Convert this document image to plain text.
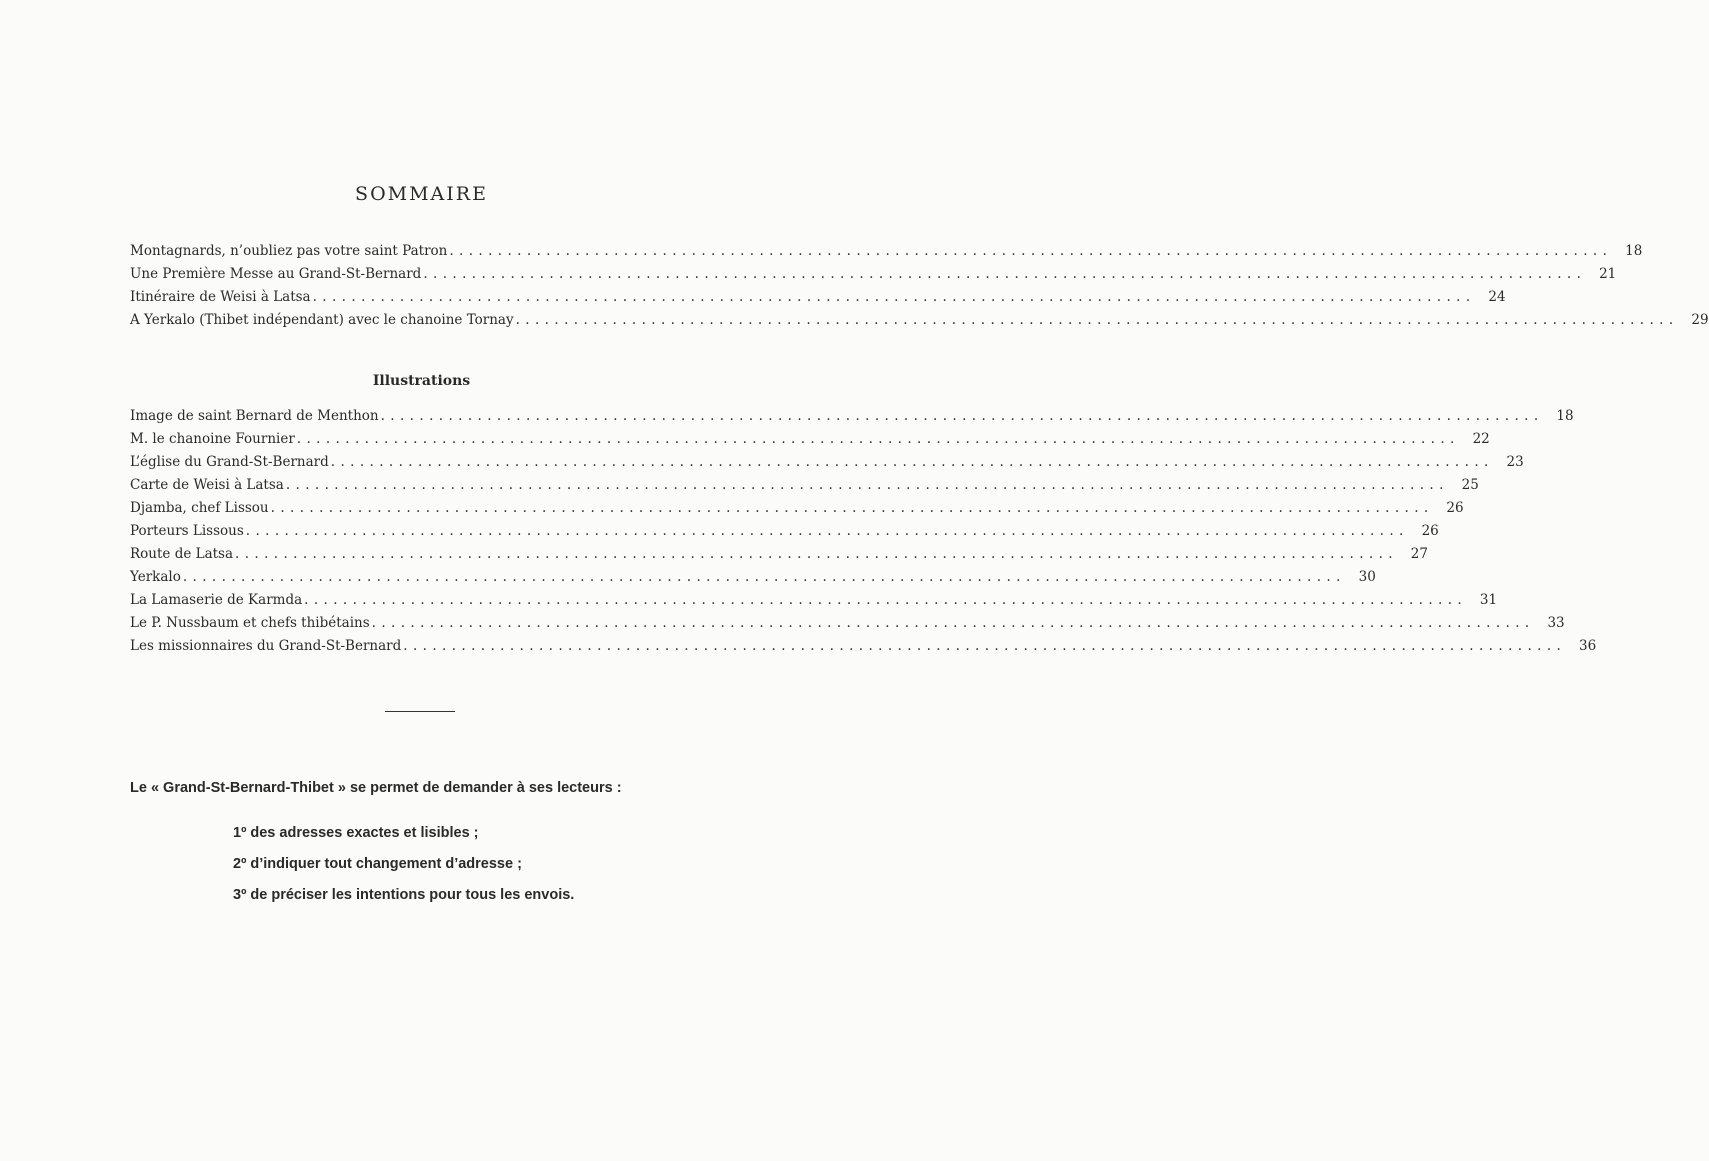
SOMMAIRE
Montagnards, n’oubliez pas votre saint Patron ........................................................................................................................ 18
Une Première Messe au Grand-St-Bernard ........................................................................................................................ 21
Itinéraire de Weisi à Latsa ........................................................................................................................ 24
A Yerkalo (Thibet indépendant) avec le chanoine Tornay ........................................................................................................................ 29
Illustrations
Image de saint Bernard de Menthon ........................................................................................................................ 18
M. le chanoine Fournier ........................................................................................................................ 22
L’église du Grand-St-Bernard ........................................................................................................................ 23
Carte de Weisi à Latsa ........................................................................................................................ 25
Djamba, chef Lissou ........................................................................................................................ 26
Porteurs Lissous ........................................................................................................................ 26
Route de Latsa ........................................................................................................................ 27
Yerkalo ........................................................................................................................ 30
La Lamaserie de Karmda ........................................................................................................................ 31
Le P. Nussbaum et chefs thibétains ........................................................................................................................ 33
Les missionnaires du Grand-St-Bernard ........................................................................................................................ 36
Le « Grand-St-Bernard-Thibet » se permet de demander à ses lecteurs :
1º des adresses exactes et lisibles ;
2º d’indiquer tout changement d’adresse ;
3º de préciser les intentions pour tous les envois.
